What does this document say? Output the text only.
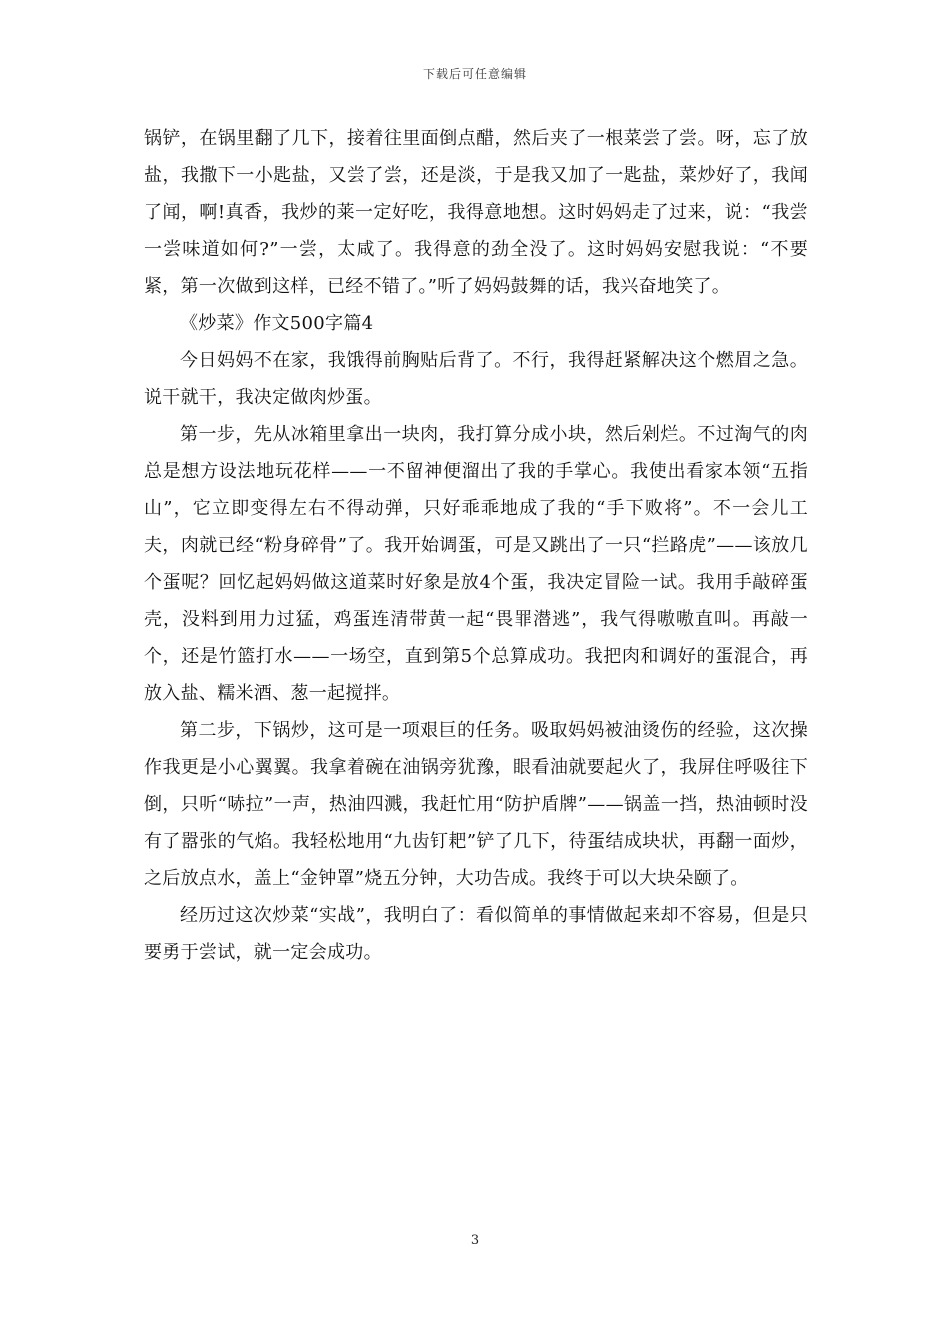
下载后可任意编辑

锅铲，在锅里翻了几下，接着往里面倒点醋，然后夹了一根菜尝了尝。呀，忘了放盐，我撒下一小匙盐，又尝了尝，还是淡，于是我又加了一匙盐，菜炒好了，我闻了闻，啊!真香，我炒的莱一定好吃，我得意地想。这时妈妈走了过来，说：“我尝一尝味道如何?”一尝，太咸了。我得意的劲全没了。这时妈妈安慰我说：“不要紧，第一次做到这样，已经不错了。”听了妈妈鼓舞的话，我兴奋地笑了。

《炒菜》作文500字篇4

今日妈妈不在家，我饿得前胸贴后背了。不行，我得赶紧解决这个燃眉之急。说干就干，我决定做肉炒蛋。

第一步，先从冰箱里拿出一块肉，我打算分成小块，然后剁烂。不过淘气的肉总是想方设法地玩花样——一不留神便溜出了我的手掌心。我使出看家本领“五指山”，它立即变得左右不得动弹，只好乖乖地成了我的“手下败将”。不一会儿工夫，肉就已经“粉身碎骨”了。我开始调蛋，可是又跳出了一只“拦路虎”——该放几个蛋呢？回忆起妈妈做这道菜时好象是放4个蛋，我决定冒险一试。我用手敲碎蛋壳，没料到用力过猛，鸡蛋连清带黄一起“畏罪潜逃”，我气得嗷嗷直叫。再敲一个，还是竹篮打水——一场空，直到第5个总算成功。我把肉和调好的蛋混合，再放入盐、糯米酒、葱一起搅拌。

第二步，下锅炒，这可是一项艰巨的任务。吸取妈妈被油烫伤的经验，这次操作我更是小心翼翼。我拿着碗在油锅旁犹豫，眼看油就要起火了，我屏住呼吸往下倒，只听“哧拉”一声，热油四溅，我赶忙用“防护盾牌”——锅盖一挡，热油顿时没有了嚣张的气焰。我轻松地用“九齿钉耙”铲了几下，待蛋结成块状，再翻一面炒，之后放点水，盖上“金钟罩”烧五分钟，大功告成。我终于可以大块朵颐了。

经历过这次炒菜“实战”，我明白了：看似简单的事情做起来却不容易，但是只要勇于尝试，就一定会成功。

3
